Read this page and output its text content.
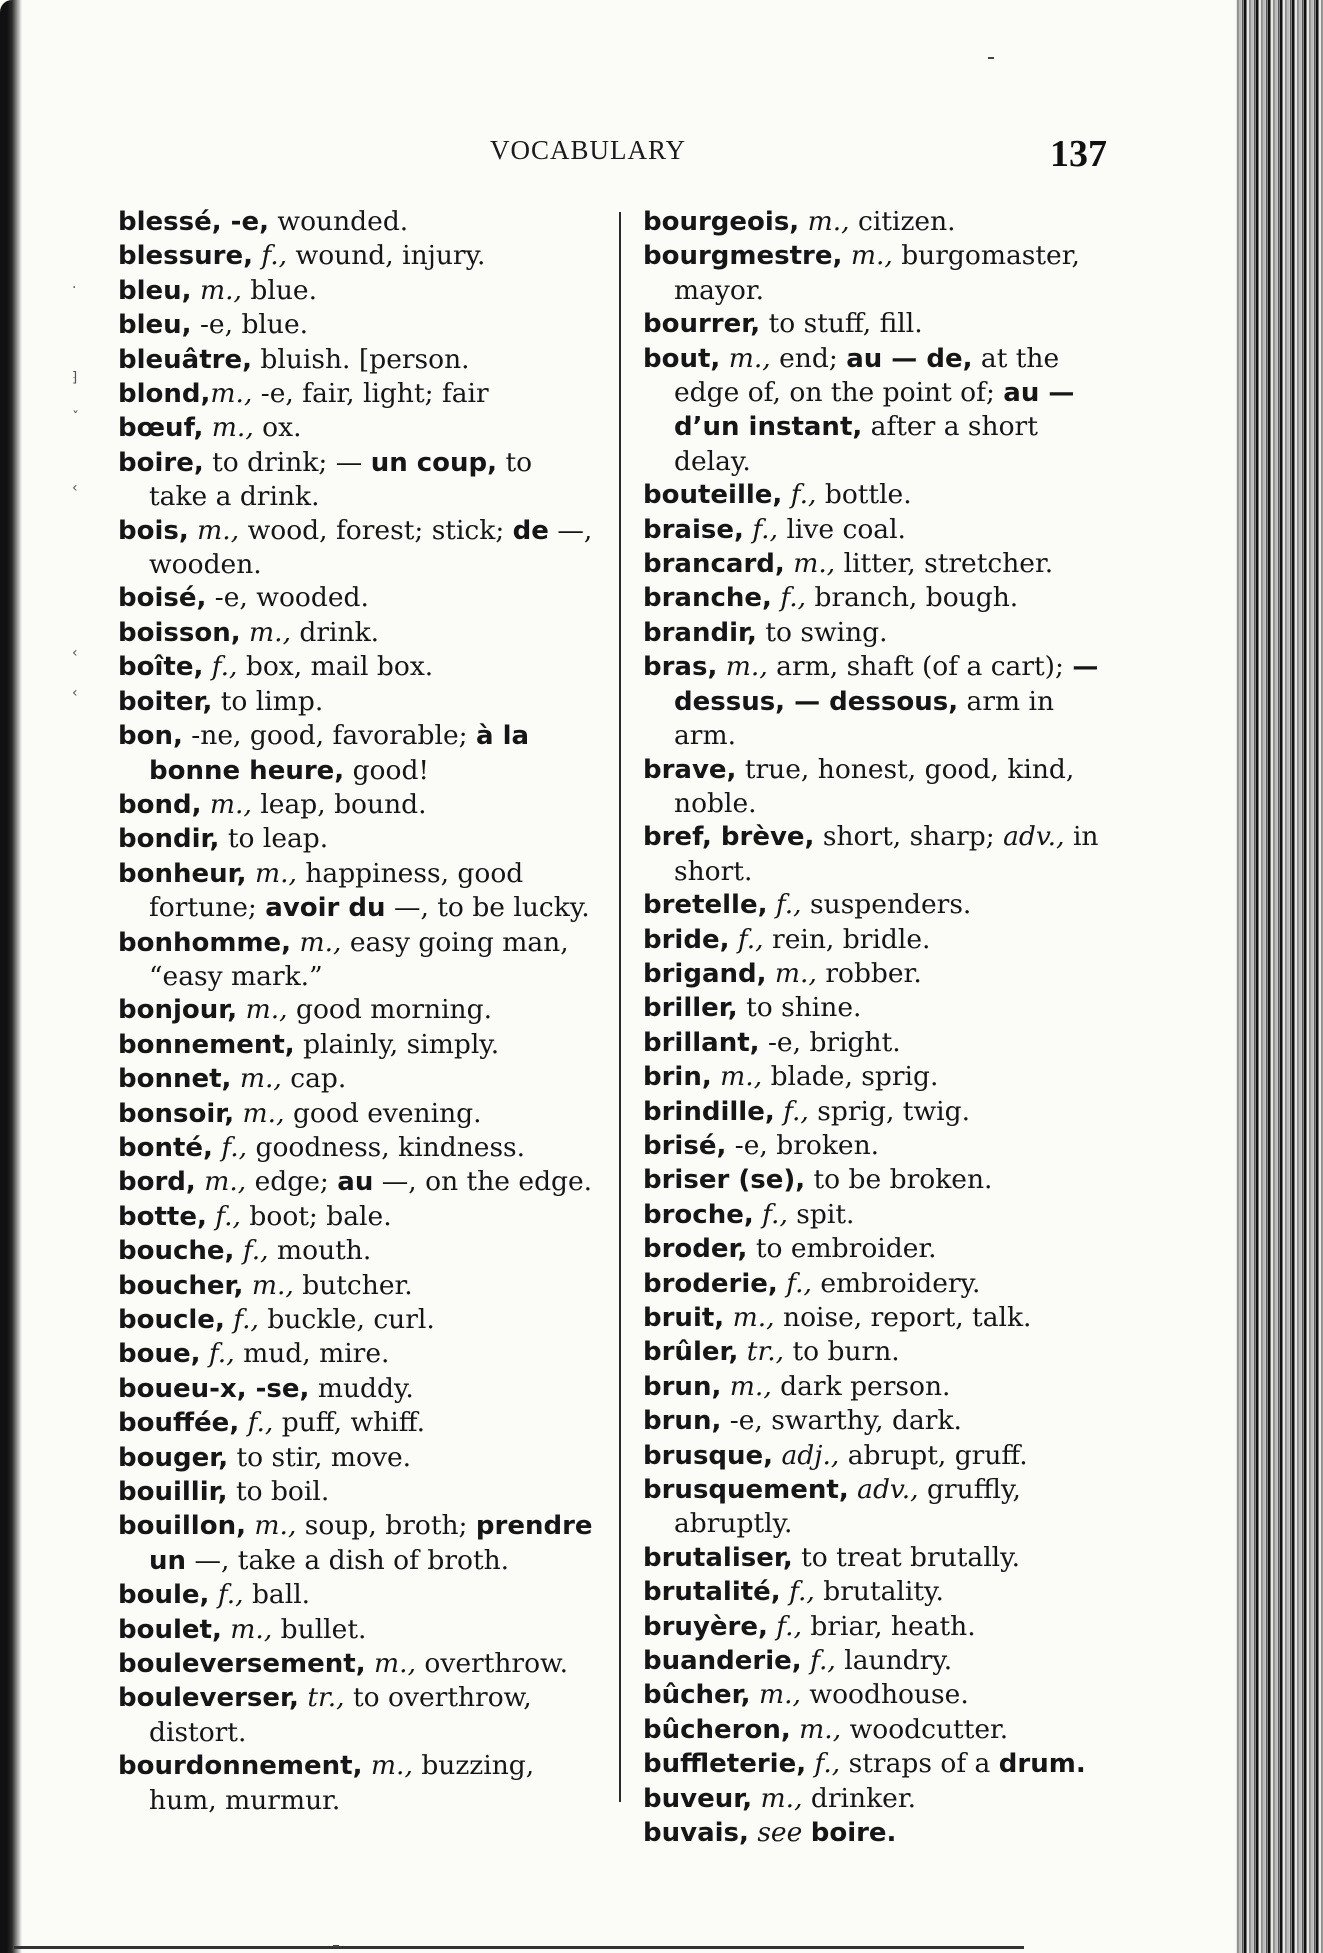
·
⁆
ˇ
‹
‹
‹
VOCABULARY	137
blessé, -e, wounded.
blessure, f., wound, injury.
bleu, m., blue.
bleu, -e, blue.
bleuâtre, bluish. [person.
blond,m., -e, fair, light; fair
bœuf, m., ox.
boire, to drink; — un coup, to take a drink.
bois, m., wood, forest; stick; de —, wooden.
boisé, -e, wooded.
boisson, m., drink.
boîte, f., box, mail box.
boiter, to limp.
bon, -ne, good, favorable; à la bonne heure, good!
bond, m., leap, bound.
bondir, to leap.
bonheur, m., happiness, good fortune; avoir du —, to be lucky.
bonhomme, m., easy going man, “easy mark.”
bonjour, m., good morning.
bonnement, plainly, simply.
bonnet, m., cap.
bonsoir, m., good evening.
bonté, f., goodness, kindness.
bord, m., edge; au —, on the edge.
botte, f., boot; bale.
bouche, f., mouth.
boucher, m., butcher.
boucle, f., buckle, curl.
boue, f., mud, mire.
boueu-x, -se, muddy.
bouffée, f., puff, whiff.
bouger, to stir, move.
bouillir, to boil.
bouillon, m., soup, broth; prendre un —, take a dish of broth.
boule, f., ball.
boulet, m., bullet.
bouleversement, m., overthrow.
bouleverser, tr., to overthrow, distort.
bourdonnement, m., buzzing, hum, murmur.
bourgeois, m., citizen.
bourgmestre, m., burgomaster, mayor.
bourrer, to stuff, fill.
bout, m., end; au — de, at the edge of, on the point of; au — d’un instant, after a short delay.
bouteille, f., bottle.
braise, f., live coal.
brancard, m., litter, stretcher.
branche, f., branch, bough.
brandir, to swing.
bras, m., arm, shaft (of a cart); — dessus, — dessous, arm in arm.
brave, true, honest, good, kind, noble.
bref, brève, short, sharp; adv., in short.
bretelle, f., suspenders.
bride, f., rein, bridle.
brigand, m., robber.
briller, to shine.
brillant, -e, bright.
brin, m., blade, sprig.
brindille, f., sprig, twig.
brisé, -e, broken.
briser (se), to be broken.
broche, f., spit.
broder, to embroider.
broderie, f., embroidery.
bruit, m., noise, report, talk.
brûler, tr., to burn.
brun, m., dark person.
brun, -e, swarthy, dark.
brusque, adj., abrupt, gruff.
brusquement, adv., gruffly, abruptly.
brutaliser, to treat brutally.
brutalité, f., brutality.
bruyère, f., briar, heath.
buanderie, f., laundry.
bûcher, m., woodhouse.
bûcheron, m., woodcutter.
buffleterie, f., straps of a drum.
buveur, m., drinker.
buvais, see boire.
